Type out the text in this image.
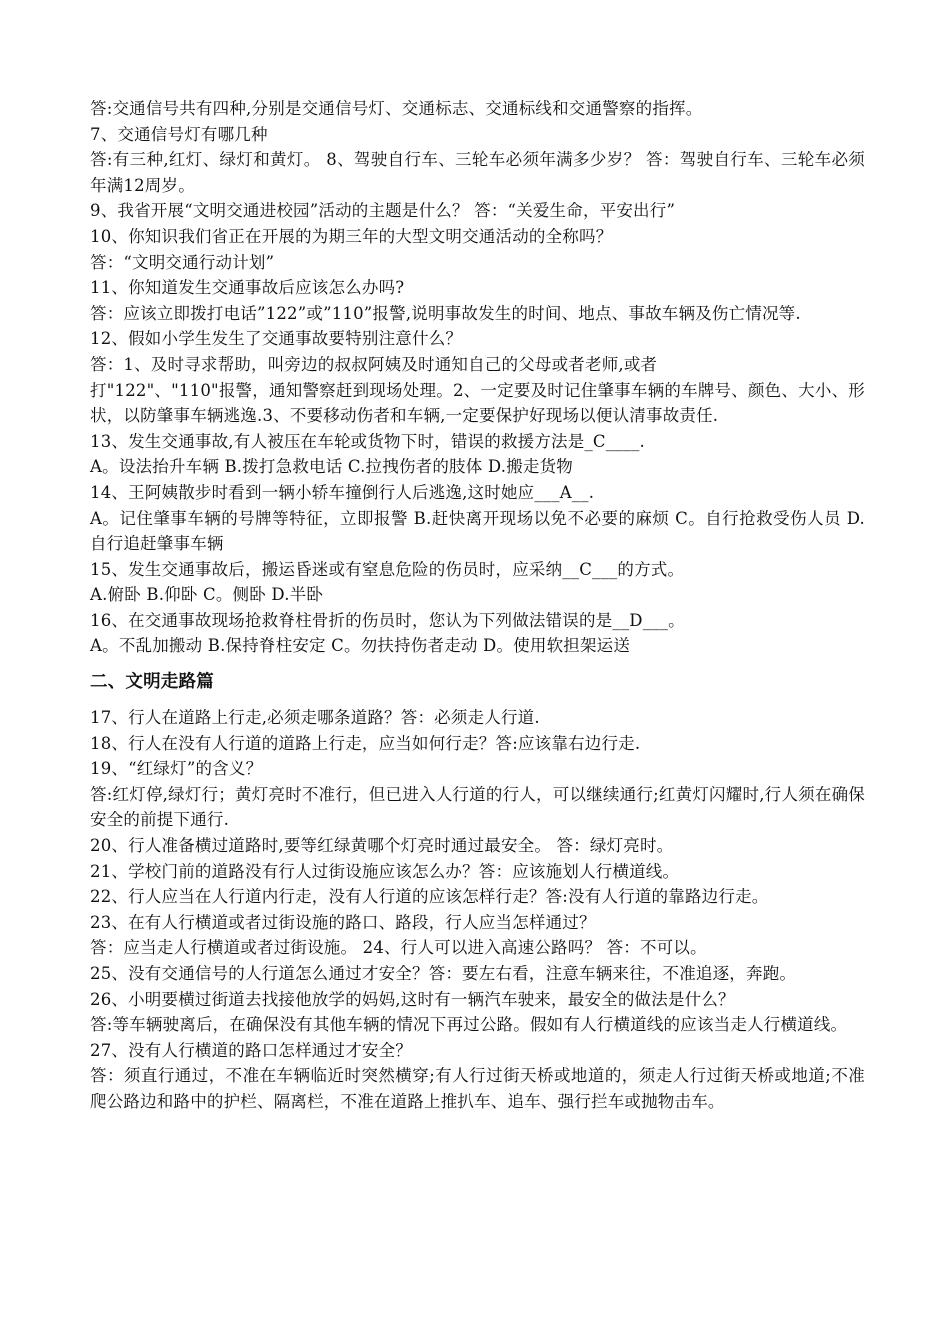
答:交通信号共有四种,分别是交通信号灯、交通标志、交通标线和交通警察的指挥。

7、交通信号灯有哪几种

答:有三种,红灯、绿灯和黄灯。 8、驾驶自行车、三轮车必须年满多少岁？ 答：驾驶自行车、三轮车必须年满12周岁。

9、我省开展“文明交通进校园”活动的主题是什么？ 答：“关爱生命，平安出行”

10、你知识我们省正在开展的为期三年的大型文明交通活动的全称吗？

答：“文明交通行动计划”

11、你知道发生交通事故后应该怎么办吗?

答：应该立即拨打电话”122”或”110”报警,说明事故发生的时间、地点、事故车辆及伤亡情况等.

12、假如小学生发生了交通事故要特别注意什么？

答：1、及时寻求帮助，叫旁边的叔叔阿姨及时通知自己的父母或者老师,或者

打"122"、"110"报警，通知警察赶到现场处理。2、一定要及时记住肇事车辆的车牌号、颜色、大小、形状，以防肇事车辆逃逸.3、不要移动伤者和车辆,一定要保护好现场以便认清事故责任.

13、发生交通事故,有人被压在车轮或货物下时，错误的救援方法是_C____.

A。设法抬升车辆 B.拨打急救电话 C.拉拽伤者的肢体 D.搬走货物

14、王阿姨散步时看到一辆小轿车撞倒行人后逃逸,这时她应___A__.

A。记住肇事车辆的号牌等特征，立即报警 B.赶快离开现场以免不必要的麻烦 C。自行抢救受伤人员 D.自行追赶肇事车辆

15、发生交通事故后，搬运昏迷或有窒息危险的伤员时，应采纳__C___的方式。

A.俯卧 B.仰卧 C。侧卧 D.半卧

16、在交通事故现场抢救脊柱骨折的伤员时，您认为下列做法错误的是__D___。

A。不乱加搬动 B.保持脊柱安定 C。勿扶持伤者走动 D。使用软担架运送

二、文明走路篇

17、行人在道路上行走,必须走哪条道路？答：必须走人行道.

18、行人在没有人行道的道路上行走，应当如何行走？答:应该靠右边行走.

19、“红绿灯”的含义？

答:红灯停,绿灯行；黄灯亮时不准行，但已进入人行道的行人，可以继续通行;红黄灯闪耀时,行人须在确保安全的前提下通行.

20、行人准备横过道路时,要等红绿黄哪个灯亮时通过最安全。 答：绿灯亮时。

21、学校门前的道路没有行人过街设施应该怎么办？答：应该施划人行横道线。

22、行人应当在人行道内行走，没有人行道的应该怎样行走？答:没有人行道的靠路边行走。

23、在有人行横道或者过街设施的路口、路段，行人应当怎样通过？

答：应当走人行横道或者过街设施。 24、行人可以进入高速公路吗？ 答：不可以。

25、没有交通信号的人行道怎么通过才安全？答：要左右看，注意车辆来往，不准追逐，奔跑。

26、小明要横过街道去找接他放学的妈妈,这时有一辆汽车驶来，最安全的做法是什么？

答:等车辆驶离后，在确保没有其他车辆的情况下再过公路。假如有人行横道线的应该当走人行横道线。

27、没有人行横道的路口怎样通过才安全？

答：须直行通过，不准在车辆临近时突然横穿;有人行过街天桥或地道的，须走人行过街天桥或地道;不准爬公路边和路中的护栏、隔离栏，不准在道路上推扒车、追车、强行拦车或抛物击车。
